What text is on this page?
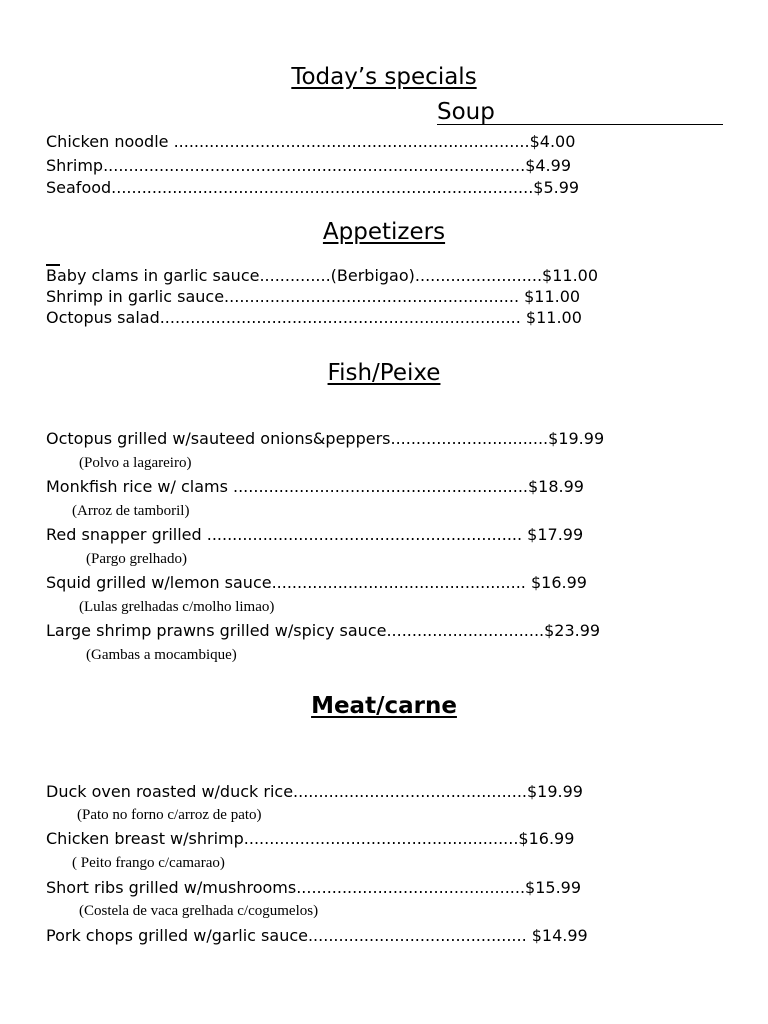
Today’s specials
Soup
Chicken noodle ......................................................................$4.00
Shrimp...................................................................................$4.99
Seafood...................................................................................$5.99
Appetizers
Baby clams in garlic sauce..............(Berbigao).........................$11.00
Shrimp in garlic sauce.......................................................... $11.00
Octopus salad....................................................................... $11.00
Fish/Peixe
Octopus grilled w/sauteed onions&peppers...............................$19.99
(Polvo a lagareiro)
Monkfish rice w/ clams ..........................................................$18.99
(Arroz de tamboril)
Red snapper grilled .............................................................. $17.99
(Pargo grelhado)
Squid grilled w/lemon sauce.................................................. $16.99
(Lulas grelhadas c/molho limao)
Large shrimp prawns grilled w/spicy sauce...............................$23.99
(Gambas a mocambique)
Meat/carne
Duck oven roasted w/duck rice..............................................$19.99
(Pato no forno c/arroz de pato)
Chicken breast w/shrimp......................................................$16.99
( Peito frango c/camarao)
Short ribs grilled w/mushrooms.............................................$15.99
(Costela de vaca grelhada c/cogumelos)
Pork chops grilled w/garlic sauce........................................... $14.99
